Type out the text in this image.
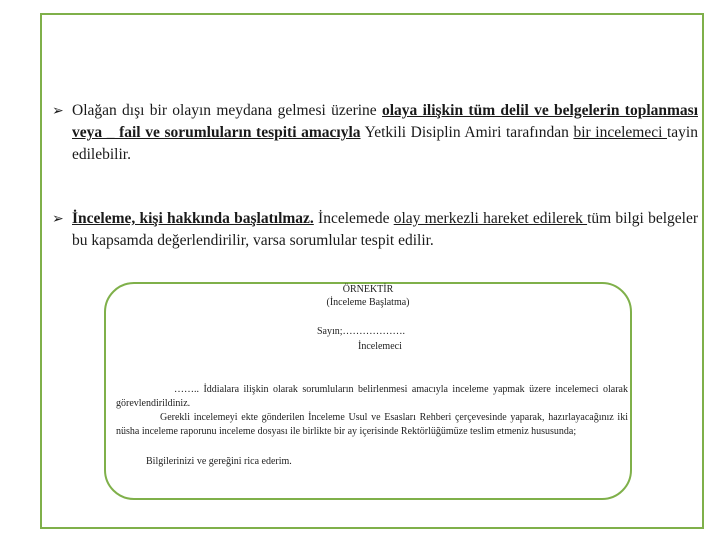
➢ Olağan dışı bir olayın meydana gelmesi üzerine olaya ilişkin tüm delil ve belgelerin toplanması veya _ fail ve sorumluların tespiti amacıyla Yetkili Disiplin Amiri tarafından bir incelemeci tayin edilebilir.
➢ İnceleme, kişi hakkında başlatılmaz. İncelemede olay merkezli hareket edilerek tüm bilgi belgeler bu kapsamda değerlendirilir, varsa sorumlular tespit edilir.
ÖRNEKTİR
(İnceleme Başlatma)
Sayın;……………….
İncelemeci
…….. İddialara ilişkin olarak sorumluların belirlenmesi amacıyla inceleme yapmak üzere incelemeci olarak görevlendirildiniz.
Gerekli incelemeyi ekte gönderilen İnceleme Usul ve Esasları Rehberi çerçevesinde yaparak, hazırlayacağınız iki nüsha inceleme raporunu inceleme dosyası ile birlikte bir ay içerisinde Rektörlüğümüze teslim etmeniz hususunda;
Bilgilerinizi ve gereğini rica ederim.
